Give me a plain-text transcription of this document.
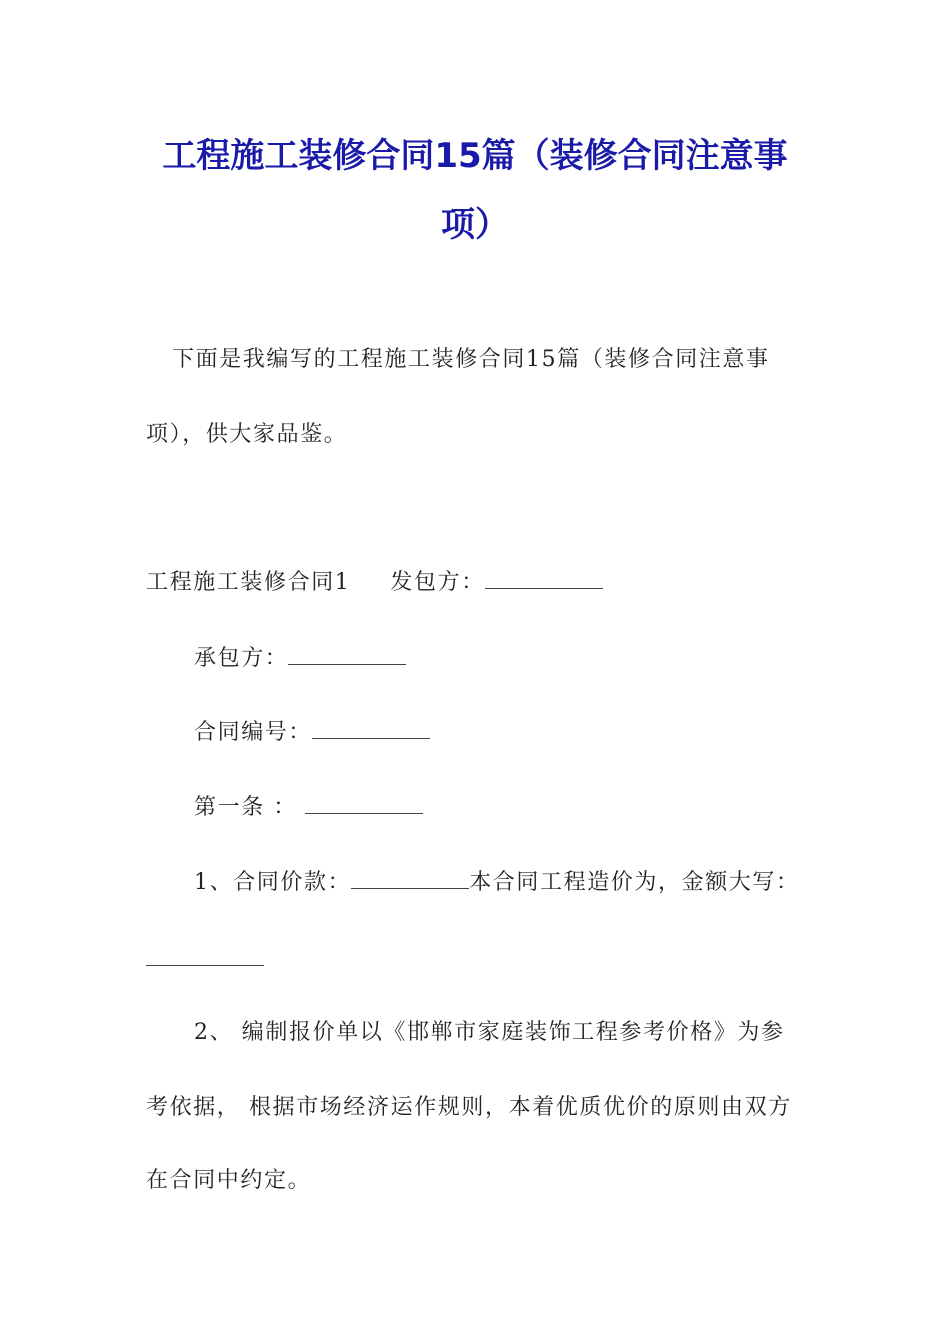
工程施工装修合同15篇（装修合同注意事
项）

下面是我编写的工程施工装修合同15篇（装修合同注意事

项），供大家品鉴。

工程施工装修合同1 发包方：

承包方：

合同编号：

第一条 ：

1、合同价款：	本合同工程造价为，金额大写：

2、 编制报价单以《邯郸市家庭装饰工程参考价格》为参

考依据， 根据市场经济运作规则，本着优质优价的原则由双方

在合同中约定。
